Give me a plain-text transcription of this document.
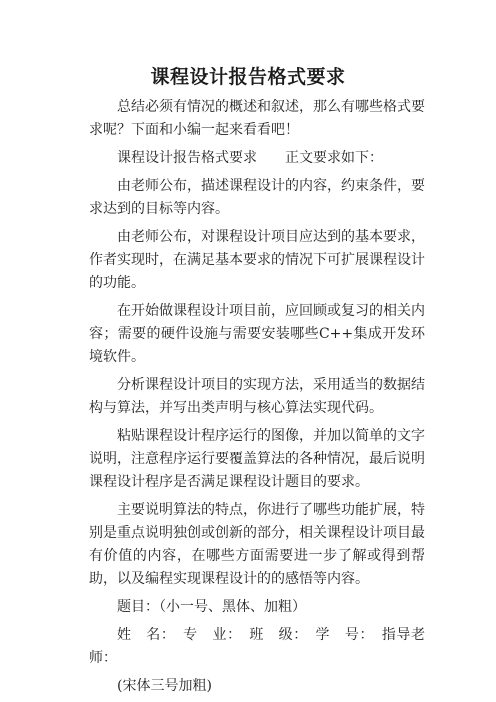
课程设计报告格式要求

总结必须有情况的概述和叙述，那么有哪些格式要求呢？下面和小编一起来看看吧！

课程设计报告格式要求　　正文要求如下：

由老师公布，描述课程设计的内容，约束条件，要求达到的目标等内容。

由老师公布，对课程设计项目应达到的基本要求，作者实现时，在满足基本要求的情况下可扩展课程设计的功能。

在开始做课程设计项目前，应回顾或复习的相关内容；需要的硬件设施与需要安装哪些C++集成开发环境软件。

分析课程设计项目的实现方法，采用适当的数据结构与算法，并写出类声明与核心算法实现代码。

粘贴课程设计程序运行的图像，并加以简单的文字说明，注意程序运行要覆盖算法的各种情况，最后说明课程设计程序是否满足课程设计题目的要求。

主要说明算法的特点，你进行了哪些功能扩展，特别是重点说明独创或创新的部分，相关课程设计项目最有价值的内容，在哪些方面需要进一步了解或得到帮助，以及编程实现课程设计的的感悟等内容。

题目：（小一号、黑体、加粗）

姓　名：　专　业：　班　级：　学　号：　指导老师：

(宋体三号加粗)
